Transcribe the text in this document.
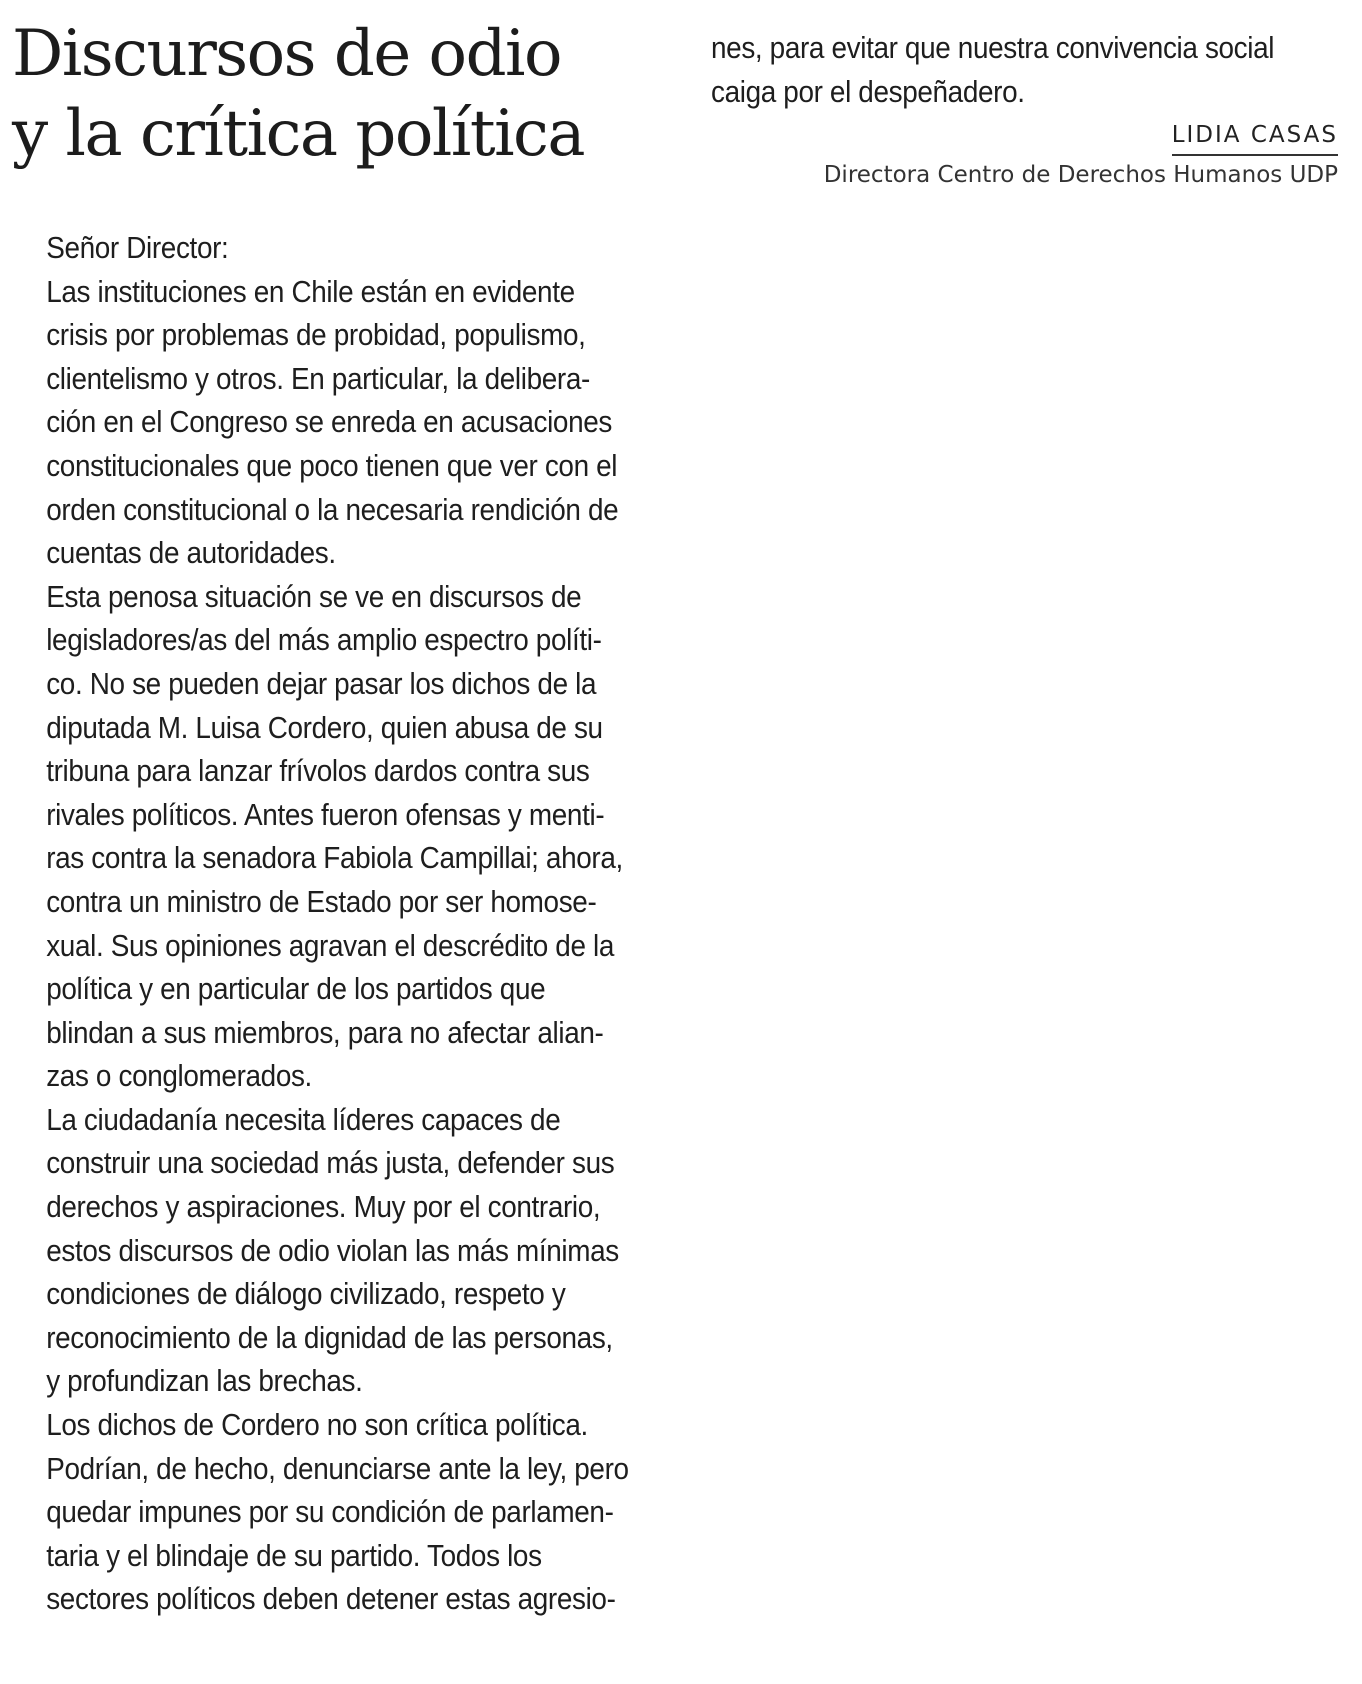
Discursos de odio
y la crítica política

Señor Director:

Las instituciones en Chile están en evidente
crisis por problemas de probidad, populismo,
clientelismo y otros. En particular, la delibera-
ción en el Congreso se enreda en acusaciones
constitucionales que poco tienen que ver con el
orden constitucional o la necesaria rendición de
cuentas de autoridades.

Esta penosa situación se ve en discursos de
legisladores/as del más amplio espectro políti-
co. No se pueden dejar pasar los dichos de la
diputada M. Luisa Cordero, quien abusa de su
tribuna para lanzar frívolos dardos contra sus
rivales políticos. Antes fueron ofensas y menti-
ras contra la senadora Fabiola Campillai; ahora,
contra un ministro de Estado por ser homose-
xual. Sus opiniones agravan el descrédito de la
política y en particular de los partidos que
blindan a sus miembros, para no afectar alian-
zas o conglomerados.

La ciudadanía necesita líderes capaces de
construir una sociedad más justa, defender sus
derechos y aspiraciones. Muy por el contrario,
estos discursos de odio violan las más mínimas
condiciones de diálogo civilizado, respeto y
reconocimiento de la dignidad de las personas,
y profundizan las brechas.

Los dichos de Cordero no son crítica política.
Podrían, de hecho, denunciarse ante la ley, pero
quedar impunes por su condición de parlamen-
taria y el blindaje de su partido. Todos los
sectores políticos deben detener estas agresio-

nes, para evitar que nuestra convivencia social
caiga por el despeñadero.

LIDIA CASAS
Directora Centro de Derechos Humanos UDP
